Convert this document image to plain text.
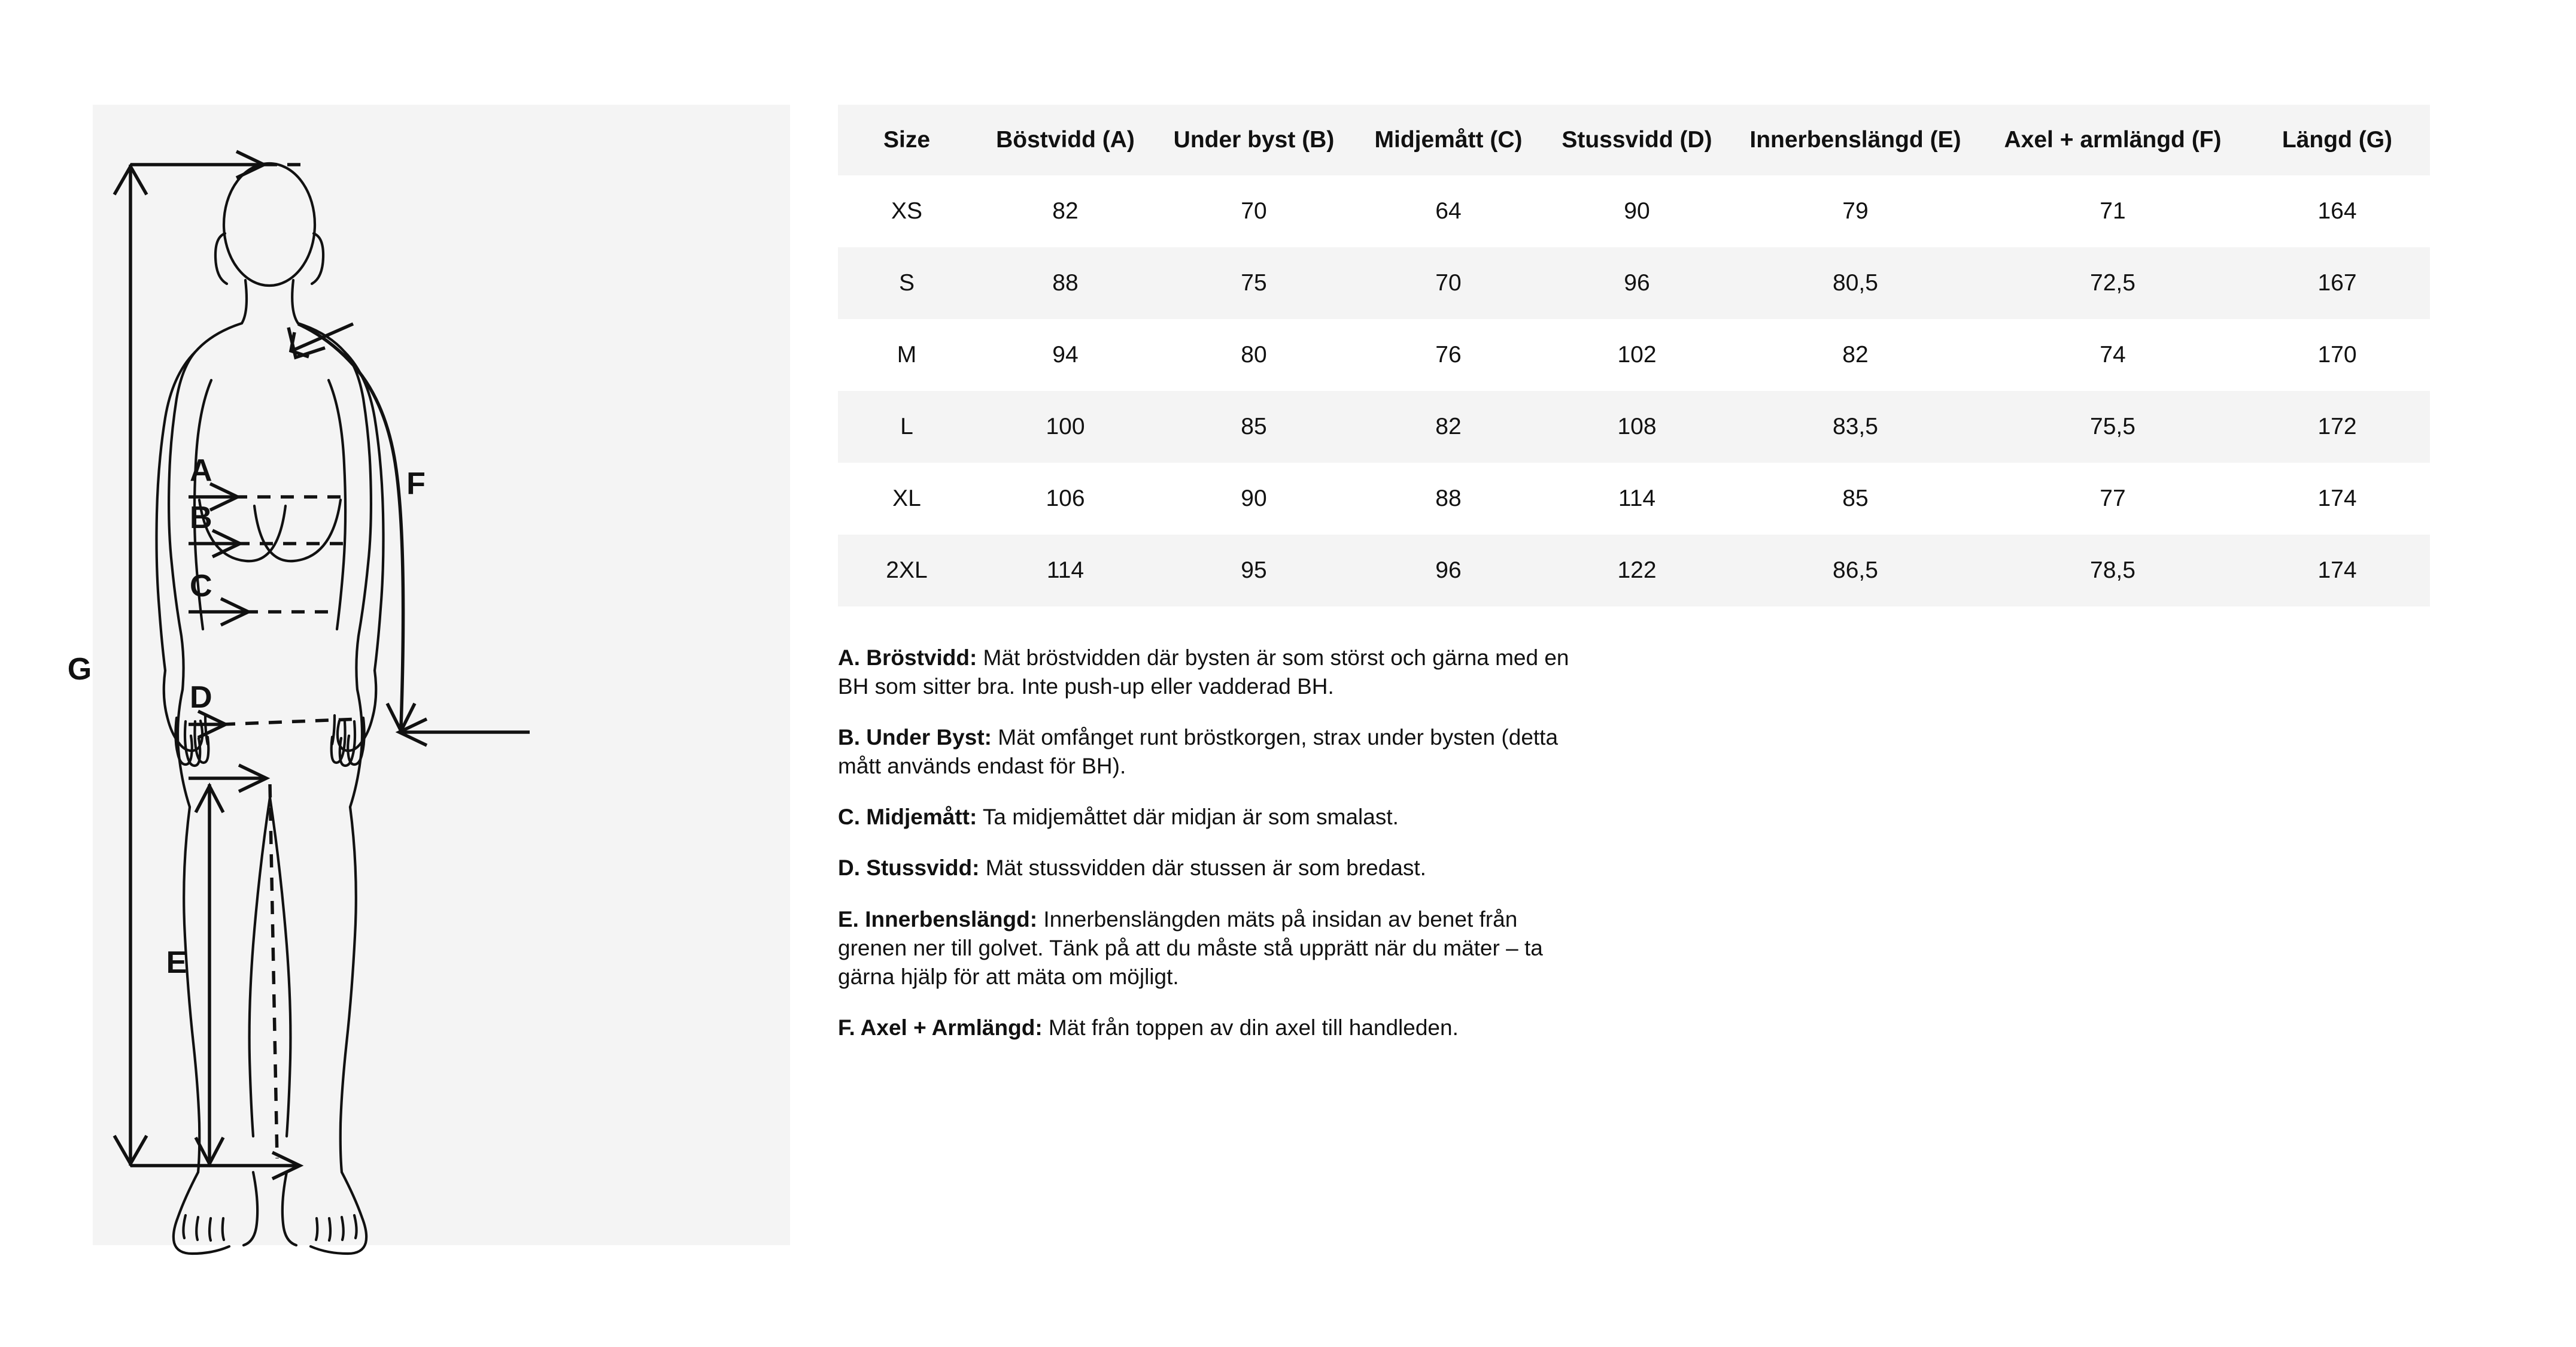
G
A
B
C
D
E
F
Size	Böstvidd (A)	Under byst (B)	Midjemått (C)	Stussvidd (D)	Innerbenslängd (E)	Axel + armlängd (F)	Längd (G)
XS	82	70	64	90	79	71	164
S	88	75	70	96	80,5	72,5	167
M	94	80	76	102	82	74	170
L	100	85	82	108	83,5	75,5	172
XL	106	90	88	114	85	77	174
2XL	114	95	96	122	86,5	78,5	174

A. Bröstvidd: Mät bröstvidden där bysten är som störst och gärna med en BH som sitter bra. Inte push-up eller vadderad BH.

B. Under Byst: Mät omfånget runt bröstkorgen, strax under bysten (detta mått används endast för BH).

C. Midjemått: Ta midjemåttet där midjan är som smalast.

D. Stussvidd: Mät stussvidden där stussen är som bredast.

E. Innerbenslängd: Innerbenslängden mäts på insidan av benet från grenen ner till golvet. Tänk på att du måste stå upprätt när du mäter – ta gärna hjälp för att mäta om möjligt.

F. Axel + Armlängd: Mät från toppen av din axel till handleden.
